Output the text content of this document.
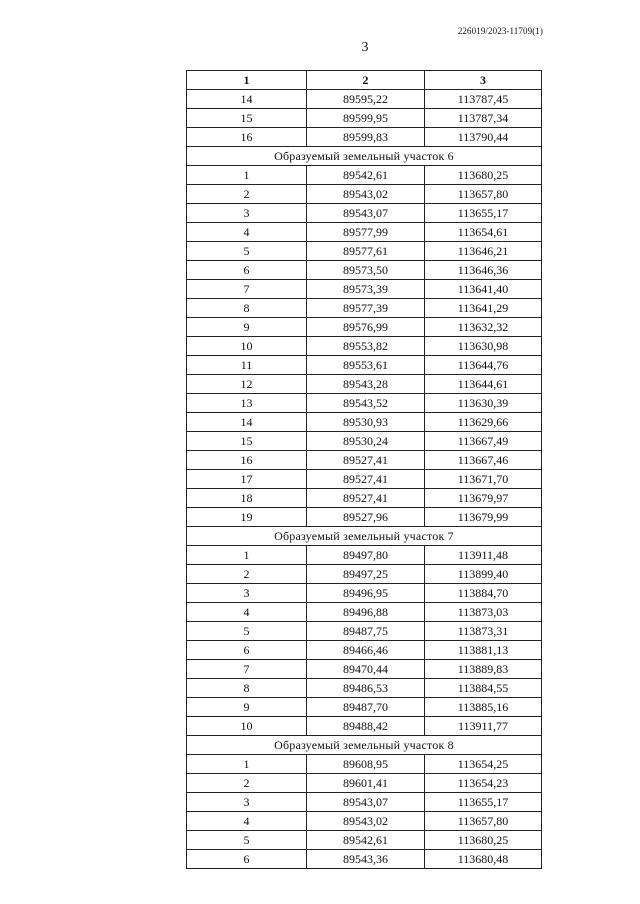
226019/2023-11709(1)
3
1	2	3
14	89595,22	113787,45
15	89599,95	113787,34
16	89599,83	113790,44
Образуемый земельный участок 6		
1	89542,61	113680,25
2	89543,02	113657,80
3	89543,07	113655,17
4	89577,99	113654,61
5	89577,61	113646,21
6	89573,50	113646,36
7	89573,39	113641,40
8	89577,39	113641,29
9	89576,99	113632,32
10	89553,82	113630,98
11	89553,61	113644,76
12	89543,28	113644,61
13	89543,52	113630,39
14	89530,93	113629,66
15	89530,24	113667,49
16	89527,41	113667,46
17	89527,41	113671,70
18	89527,41	113679,97
19	89527,96	113679,99
Образуемый земельный участок 7		
1	89497,80	113911,48
2	89497,25	113899,40
3	89496,95	113884,70
4	89496,88	113873,03
5	89487,75	113873,31
6	89466,46	113881,13
7	89470,44	113889,83
8	89486,53	113884,55
9	89487,70	113885,16
10	89488,42	113911,77
Образуемый земельный участок 8		
1	89608,95	113654,25
2	89601,41	113654,23
3	89543,07	113655,17
4	89543,02	113657,80
5	89542,61	113680,25
6	89543,36	113680,48
